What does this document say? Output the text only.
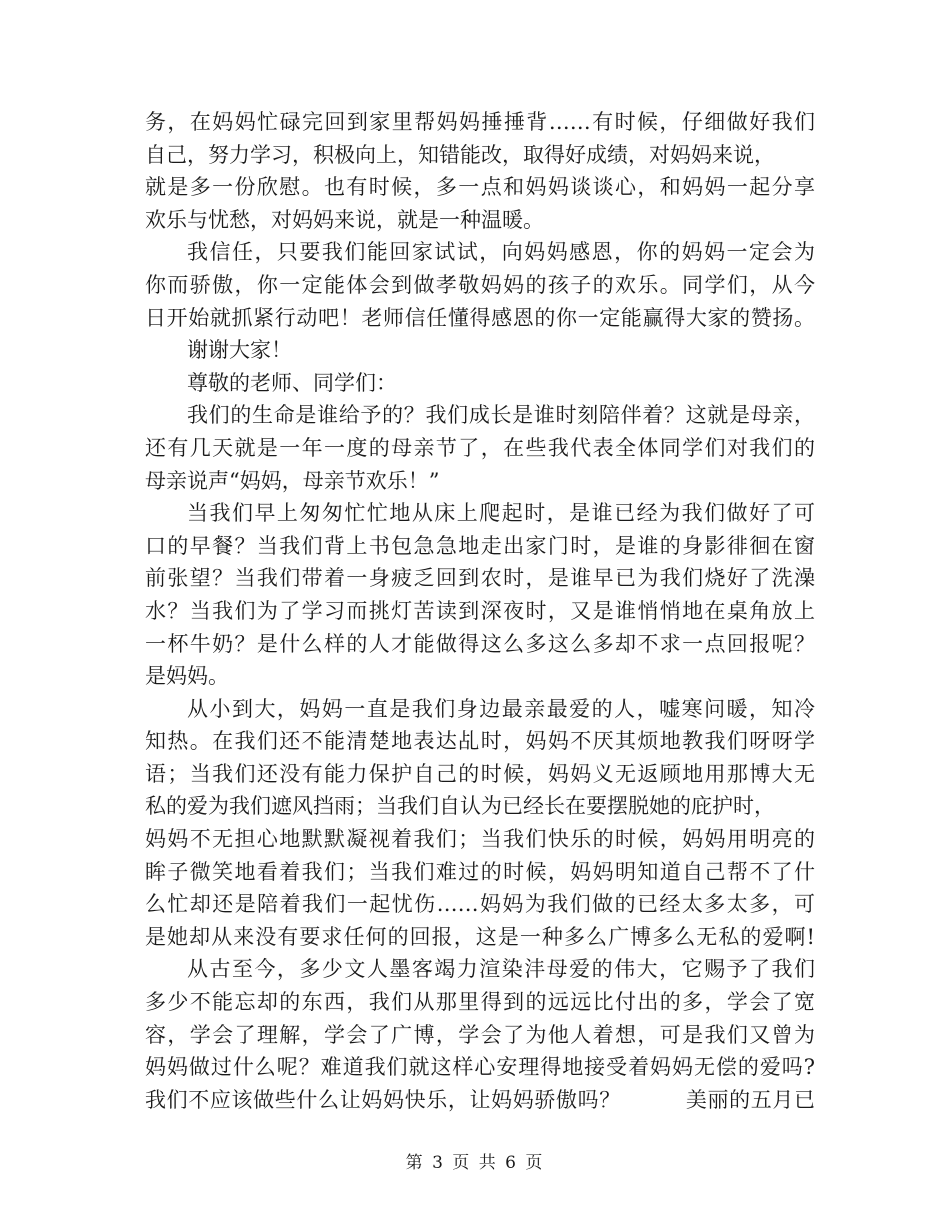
务，在妈妈忙碌完回到家里帮妈妈捶捶背……有时候，仔细做好我们
自己，努力学习，积极向上，知错能改，取得好成绩，对妈妈来说，
就是多一份欣慰。也有时候，多一点和妈妈谈谈心，和妈妈一起分享
欢乐与忧愁，对妈妈来说，就是一种温暖。
我信任，只要我们能回家试试，向妈妈感恩，你的妈妈一定会为
你而骄傲，你一定能体会到做孝敬妈妈的孩子的欢乐。同学们，从今
日开始就抓紧行动吧！老师信任懂得感恩的你一定能赢得大家的赞扬。
谢谢大家！
尊敬的老师、同学们：
我们的生命是谁给予的？我们成长是谁时刻陪伴着？这就是母亲，
还有几天就是一年一度的母亲节了，在些我代表全体同学们对我们的
母亲说声“妈妈，母亲节欢乐！”
当我们早上匆匆忙忙地从床上爬起时，是谁已经为我们做好了可
口的早餐？当我们背上书包急急地走出家门时，是谁的身影徘徊在窗
前张望？当我们带着一身疲乏回到农时，是谁早已为我们烧好了洗澡
水？当我们为了学习而挑灯苦读到深夜时，又是谁悄悄地在桌角放上
一杯牛奶？是什么样的人才能做得这么多这么多却不求一点回报呢？
是妈妈。
从小到大，妈妈一直是我们身边最亲最爱的人，嘘寒问暖，知冷
知热。在我们还不能清楚地表达乩时，妈妈不厌其烦地教我们呀呀学
语；当我们还没有能力保护自己的时候，妈妈义无返顾地用那博大无
私的爱为我们遮风挡雨；当我们自认为已经长在要摆脱她的庇护时，
妈妈不无担心地默默凝视着我们；当我们快乐的时候，妈妈用明亮的
眸子微笑地看着我们；当我们难过的时候，妈妈明知道自己帮不了什
么忙却还是陪着我们一起忧伤……妈妈为我们做的已经太多太多，可
是她却从来没有要求任何的回报，这是一种多么广博多么无私的爱啊!
从古至今，多少文人墨客竭力渲染沣母爱的伟大，它赐予了我们
多少不能忘却的东西，我们从那里得到的远远比付出的多，学会了宽
容，学会了理解，学会了广博，学会了为他人着想，可是我们又曾为
妈妈做过什么呢？难道我们就这样心安理得地接受着妈妈无偿的爱吗?
我们不应该做些什么让妈妈快乐，让妈妈骄傲吗？　　　美丽的五月已
第 3 页 共 6 页
